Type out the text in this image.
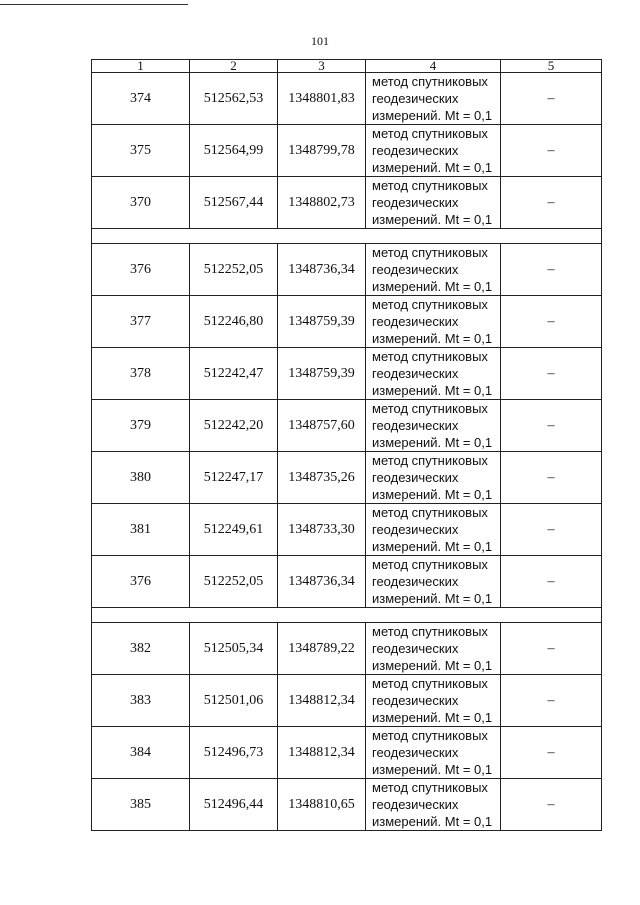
101
1	2	3	4	5
374	512562,53	1348801,83	метод спутниковых
геодезических
измерений. Mt = 0,1	–
375	512564,99	1348799,78	метод спутниковых
геодезических
измерений. Mt = 0,1	–
370	512567,44	1348802,73	метод спутниковых
геодезических
измерений. Mt = 0,1	–

376	512252,05	1348736,34	метод спутниковых
геодезических
измерений. Mt = 0,1	–
377	512246,80	1348759,39	метод спутниковых
геодезических
измерений. Mt = 0,1	–
378	512242,47	1348759,39	метод спутниковых
геодезических
измерений. Mt = 0,1	–
379	512242,20	1348757,60	метод спутниковых
геодезических
измерений. Mt = 0,1	–
380	512247,17	1348735,26	метод спутниковых
геодезических
измерений. Mt = 0,1	–
381	512249,61	1348733,30	метод спутниковых
геодезических
измерений. Mt = 0,1	–
376	512252,05	1348736,34	метод спутниковых
геодезических
измерений. Mt = 0,1	–

382	512505,34	1348789,22	метод спутниковых
геодезических
измерений. Mt = 0,1	–
383	512501,06	1348812,34	метод спутниковых
геодезических
измерений. Mt = 0,1	–
384	512496,73	1348812,34	метод спутниковых
геодезических
измерений. Mt = 0,1	–
385	512496,44	1348810,65	метод спутниковых
геодезических
измерений. Mt = 0,1	–
